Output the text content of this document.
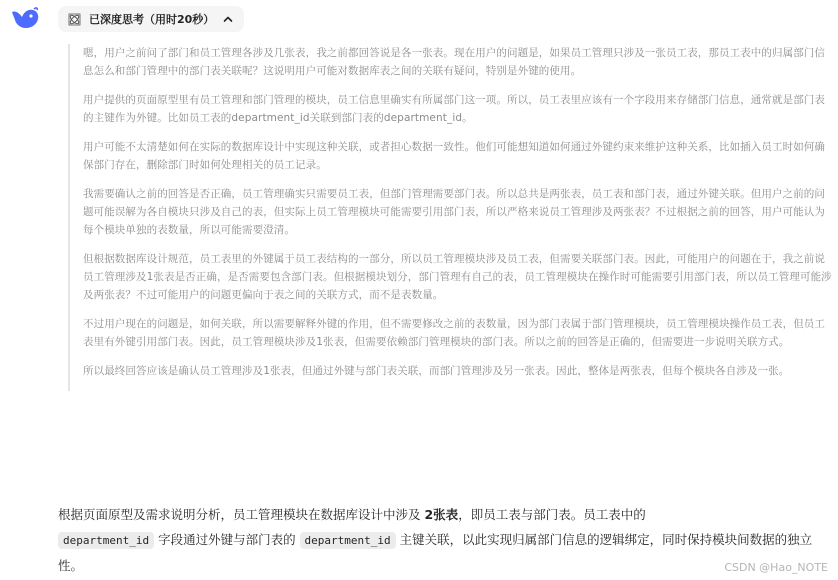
已深度思考（用时20秒）

嗯，用户之前问了部门和员工管理各涉及几张表，我之前都回答说是各一张表。现在用户的问题是，如果员工管理只涉及一张员工表，那员工表中的归属部门信息怎么和部门管理中的部门表关联呢？这说明用户可能对数据库表之间的关联有疑问，特别是外键的使用。

用户提供的页面原型里有员工管理和部门管理的模块，员工信息里确实有所属部门这一项。所以，员工表里应该有一个字段用来存储部门信息，通常就是部门表的主键作为外键。比如员工表的department_id关联到部门表的department_id。

用户可能不太清楚如何在实际的数据库设计中实现这种关联，或者担心数据一致性。他们可能想知道如何通过外键约束来维护这种关系，比如插入员工时如何确保部门存在，删除部门时如何处理相关的员工记录。

我需要确认之前的回答是否正确，员工管理确实只需要员工表，但部门管理需要部门表。所以总共是两张表，员工表和部门表，通过外键关联。但用户之前的问题可能误解为各自模块只涉及自己的表，但实际上员工管理模块可能需要引用部门表，所以严格来说员工管理涉及两张表？不过根据之前的回答，用户可能认为每个模块单独的表数量，所以可能需要澄清。

但根据数据库设计规范，员工表里的外键属于员工表结构的一部分，所以员工管理模块涉及员工表，但需要关联部门表。因此，可能用户的问题在于，我之前说员工管理涉及1张表是否正确，是否需要包含部门表。但根据模块划分，部门管理有自己的表，员工管理模块在操作时可能需要引用部门表，所以员工管理可能涉及两张表？不过可能用户的问题更偏向于表之间的关联方式，而不是表数量。

不过用户现在的问题是，如何关联，所以需要解释外键的作用，但不需要修改之前的表数量，因为部门表属于部门管理模块，员工管理模块操作员工表，但员工表里有外键引用部门表。因此，员工管理模块涉及1张表，但需要依赖部门管理模块的部门表。所以之前的回答是正确的，但需要进一步说明关联方式。

所以最终回答应该是确认员工管理涉及1张表，但通过外键与部门表关联，而部门管理涉及另一张表。因此，整体是两张表，但每个模块各自涉及一张。

根据页面原型及需求说明分析，员工管理模块在数据库设计中涉及 2张表，即员工表与部门表。员工表中的
department_id 字段通过外键与部门表的 department_id 主键关联，以此实现归属部门信息的逻辑绑定，同时保持模块间数据的独立性。	CSDN @Hao_NOTE
